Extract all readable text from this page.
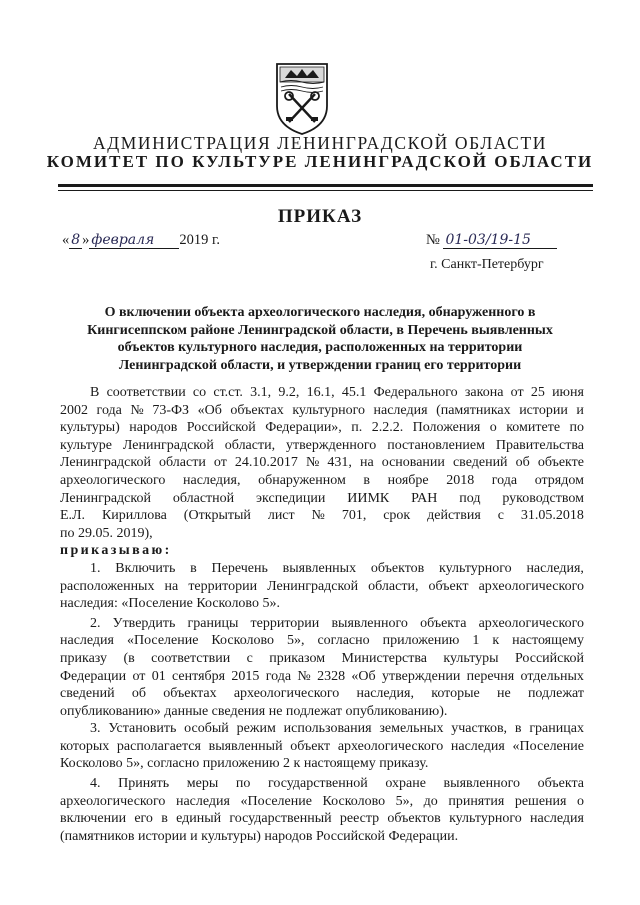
АДМИНИСТРАЦИЯ ЛЕНИНГРАДСКОЙ ОБЛАСТИ
КОМИТЕТ ПО КУЛЬТУРЕ ЛЕНИНГРАДСКОЙ ОБЛАСТИ
ПРИКАЗ
« 8 » февраля 2019 г.	№ 01-03/19-15
г. Санкт-Петербург
О включении объекта археологического наследия, обнаруженного в
Кингисеппском районе Ленинградской области, в Перечень выявленных
объектов культурного наследия, расположенных на территории
Ленинградской области, и утверждении границ его территории
В соответствии со ст.ст. 3.1, 9.2, 16.1, 45.1 Федерального закона от 25 июня
2002 года № 73-ФЗ «Об объектах культурного наследия (памятниках истории и
культуры) народов Российской Федерации», п. 2.2.2. Положения о комитете по
культуре Ленинградской области, утвержденного постановлением Правительства
Ленинградской области от 24.10.2017 № 431, на основании сведений об объекте
археологического наследия, обнаруженном в ноябре 2018 года отрядом
Ленинградской областной экспедиции ИИМК РАН под руководством
Е.Л. Кириллова (Открытый лист № 701, срок действия с 31.05.2018
по 29.05. 2019),
приказываю:
1. Включить в Перечень выявленных объектов культурного наследия,
расположенных на территории Ленинградской области, объект археологического
наследия: «Поселение Косколово 5».
2. Утвердить границы территории выявленного объекта археологического
наследия «Поселение Косколово 5», согласно приложению 1 к настоящему
приказу (в соответствии с приказом Министерства культуры Российской
Федерации от 01 сентября 2015 года № 2328 «Об утверждении перечня отдельных
сведений об объектах археологического наследия, которые не подлежат
опубликованию» данные сведения не подлежат опубликованию).
3. Установить особый режим использования земельных участков, в границах
которых располагается выявленный объект археологического наследия «Поселение
Косколово 5», согласно приложению 2 к настоящему приказу.
4. Принять меры по государственной охране выявленного объекта
археологического наследия «Поселение Косколово 5», до принятия решения о
включении его в единый государственный реестр объектов культурного наследия
(памятников истории и культуры) народов Российской Федерации.
